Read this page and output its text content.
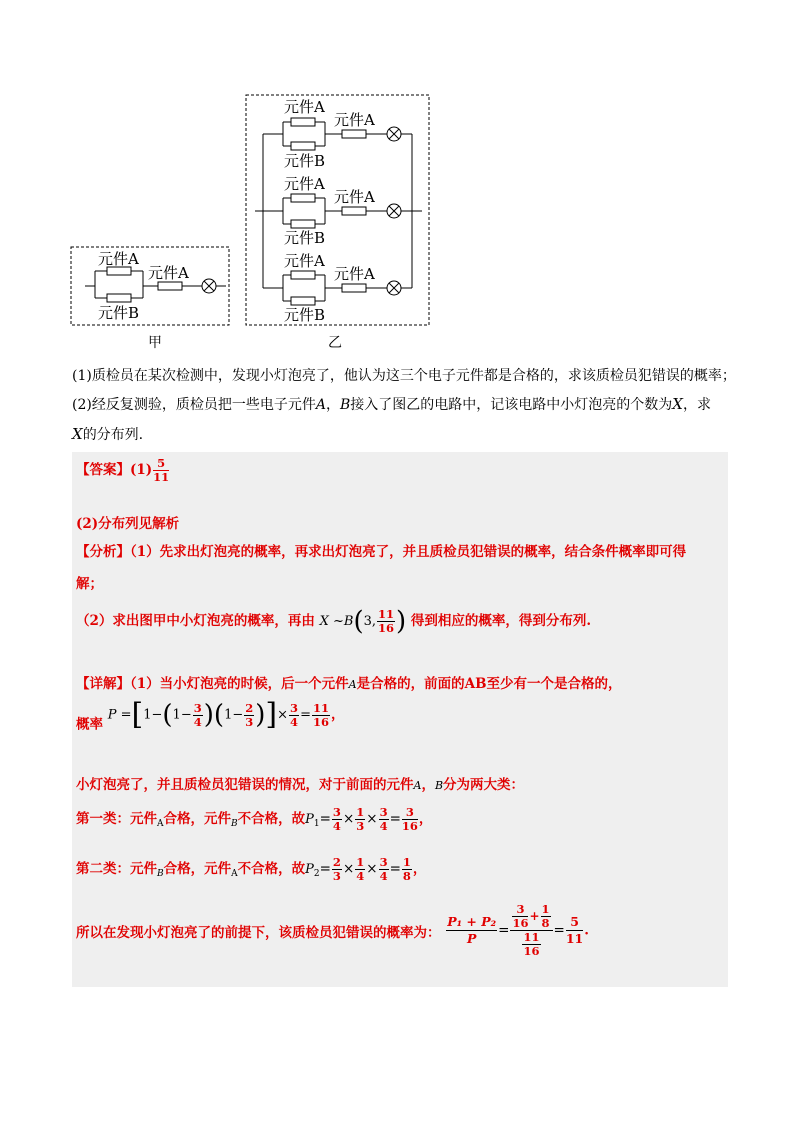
元件A
元件B
元件A
甲
元件A
元件B
元件A
元件A
元件B
元件A
元件A
元件B
元件A
乙
(1)质检员在某次检测中，发现小灯泡亮了，他认为这三个电子元件都是合格的，求该质检员犯错误的概率；
(2)经反复测验，质检员把一些电子元件A，B接入了图乙的电路中，记该电路中小灯泡亮的个数为X，求
X的分布列.
【答案】$(1) \frac{5}{11}$
(2)分布列见解析
【分析】（1）先求出灯泡亮的概率，再求出灯泡亮了，并且质检员犯错误的概率，结合条件概率即可得
解；
（2）求出图甲中小灯泡亮的概率，再由 X ~B(3, $\frac{11}{16}$ ) 得到相应的概率，得到分布列.
【详解】（1）当小灯泡亮的时候，后一个元件A是合格的，前面的AB至少有一个是合格的，
概率 $P =[1-(1- \frac{3}{4} )(1- \frac{2}{3}$ )]× $\frac{3}{4} = \frac{11}{16}$ ，
小灯泡亮了，并且质检员犯错误的情况，对于前面的元件A，B分为两大类：
第一类：元件$_A$合格，元件$_B$不合格，故$P_1= \frac{3}{4} \times \frac{1}{3} \times \frac{3}{4} = \frac{3}{16}$ ，
第二类：元件$_B$合格，元件$_A$不合格，故$P_2= \frac{2}{3} \times \frac{1}{4} \times \frac{3}{4} = \frac{1}{8}$ ，
所以在发现小灯泡亮了的前提下，该质检员犯错误的概率为： $\frac{\text{P₁ + P₂}}{P} = \frac{\frac{3}{16} + \frac{1}{8}}{\frac{11}{16}} = \frac{5}{11}$ .
